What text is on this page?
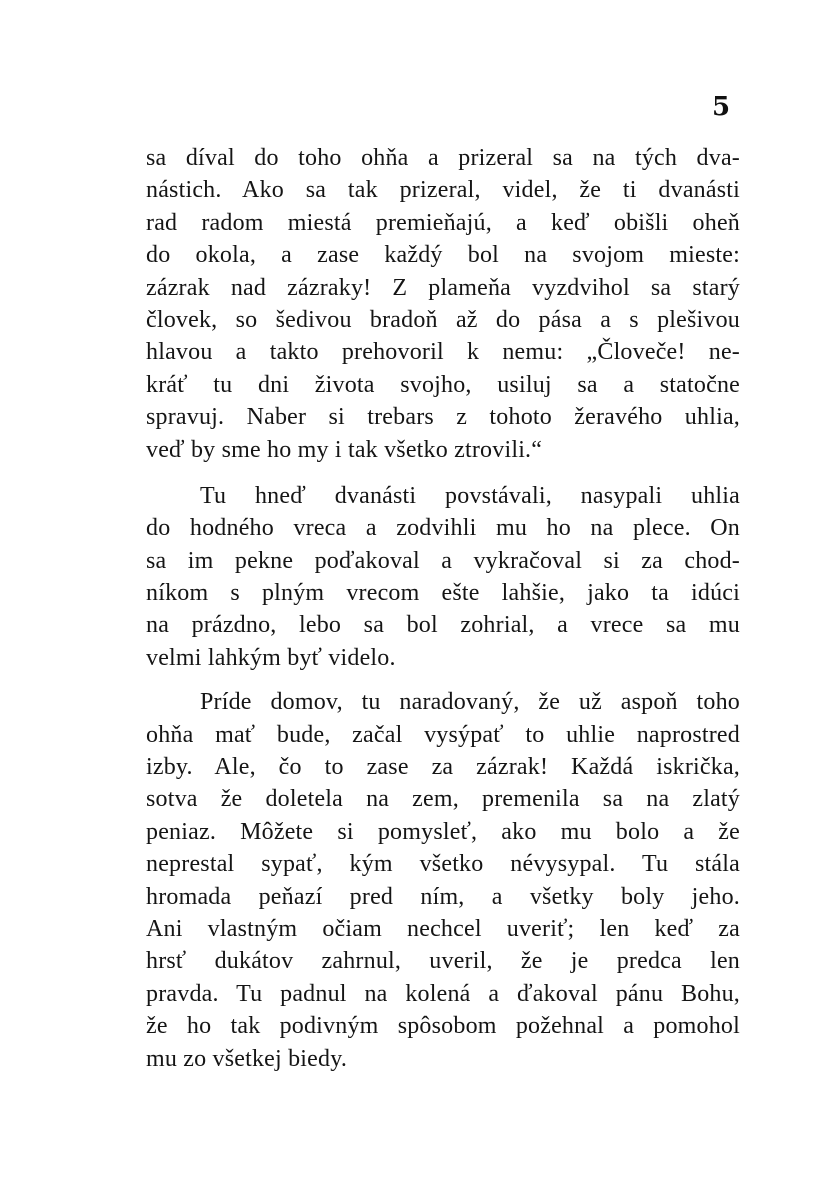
5
sa díval do toho ohňa a prizeral sa na tých dva-
nástich. Ako sa tak prizeral, videl, že ti dvanásti
rad radom miestá premieňajú, a keď obišli oheň
do okola, a zase každý bol na svojom mieste:
zázrak nad zázraky! Z plameňa vyzdvihol sa starý
človek, so šedivou bradoň až do pása a s plešivou
hlavou a takto prehovoril k nemu: „Človeče! ne-
kráť tu dni života svojho, usiluj sa a statočne
spravuj. Naber si trebars z tohoto žeravého uhlia,
veď by sme ho my i tak všetko ztrovili.“
Tu hneď dvanásti povstávali, nasypali uhlia
do hodného vreca a zodvihli mu ho na plece. On
sa im pekne poďakoval a vykračoval si za chod-
níkom s plným vrecom ešte lahšie, jako ta idúci
na prázdno, lebo sa bol zohrial, a vrece sa mu
velmi lahkým byť videlo.
Príde domov, tu naradovaný, že už aspoň toho
ohňa mať bude, začal vysýpať to uhlie naprostred
izby. Ale, čo to zase za zázrak! Každá iskrička,
sotva že doletela na zem, premenila sa na zlatý
peniaz. Môžete si pomysleť, ako mu bolo a že
neprestal sypať, kým všetko névysypal. Tu stála
hromada peňazí pred ním, a všetky boly jeho.
Ani vlastným očiam nechcel uveriť; len keď za
hrsť dukátov zahrnul, uveril, že je predca len
pravda. Tu padnul na kolená a ďakoval pánu Bohu,
že ho tak podivným spôsobom požehnal a pomohol
mu zo všetkej biedy.
